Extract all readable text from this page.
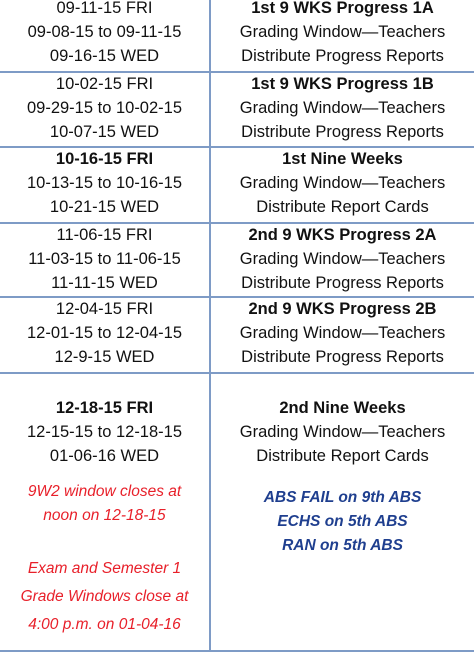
09-11-15 FRI
09-08-15 to 09-11-15
09-16-15 WED
1st 9 WKS Progress 1A
Grading Window—Teachers
Distribute Progress Reports
10-02-15 FRI
09-29-15 to 10-02-15
10-07-15 WED
1st 9 WKS Progress 1B
Grading Window—Teachers
Distribute Progress Reports
10-16-15 FRI
10-13-15 to 10-16-15
10-21-15 WED
1st Nine Weeks
Grading Window—Teachers
Distribute Report Cards
11-06-15 FRI
11-03-15 to 11-06-15
11-11-15 WED
2nd 9 WKS Progress 2A
Grading Window—Teachers
Distribute Progress Reports
12-04-15 FRI
12-01-15 to 12-04-15
12-9-15 WED
2nd 9 WKS Progress 2B
Grading Window—Teachers
Distribute Progress Reports
12-18-15 FRI
12-15-15 to 12-18-15
01-06-16 WED
2nd Nine Weeks
Grading Window—Teachers
Distribute Report Cards
9W2 window closes at
noon on 12-18-15
Exam and Semester 1
Grade Windows close at
4:00 p.m. on 01-04-16
ABS FAIL on 9th ABS
ECHS on 5th ABS
RAN on 5th ABS
